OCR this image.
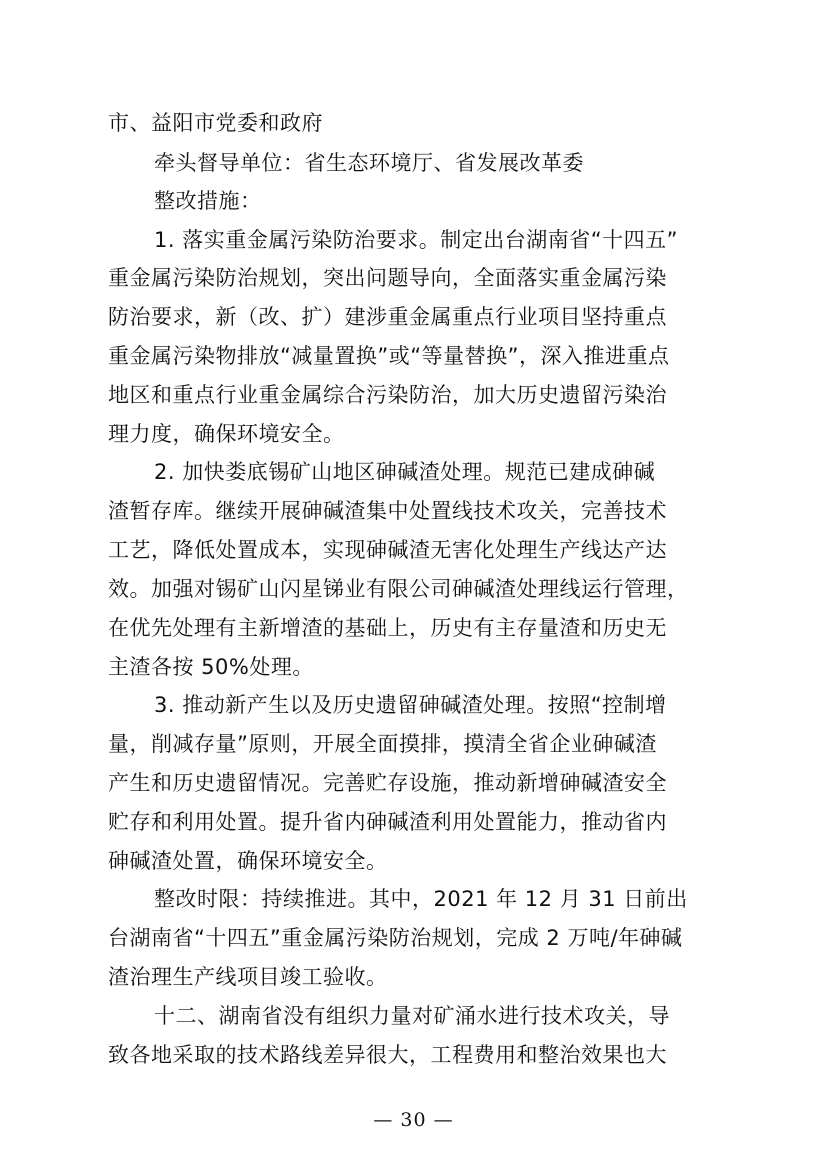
市、益阳市党委和政府
牵头督导单位：省生态环境厅、省发展改革委
整改措施：
1. 落实重金属污染防治要求。制定出台湖南省“十四五”
重金属污染防治规划，突出问题导向，全面落实重金属污染
防治要求，新（改、扩）建涉重金属重点行业项目坚持重点
重金属污染物排放“减量置换”或“等量替换”，深入推进重点
地区和重点行业重金属综合污染防治，加大历史遗留污染治
理力度，确保环境安全。
2. 加快娄底锡矿山地区砷碱渣处理。规范已建成砷碱
渣暂存库。继续开展砷碱渣集中处置线技术攻关，完善技术
工艺，降低处置成本，实现砷碱渣无害化处理生产线达产达
效。加强对锡矿山闪星锑业有限公司砷碱渣处理线运行管理，
在优先处理有主新增渣的基础上，历史有主存量渣和历史无
主渣各按 50%处理。
3. 推动新产生以及历史遗留砷碱渣处理。按照“控制增
量，削减存量”原则，开展全面摸排，摸清全省企业砷碱渣
产生和历史遗留情况。完善贮存设施，推动新增砷碱渣安全
贮存和利用处置。提升省内砷碱渣利用处置能力，推动省内
砷碱渣处置，确保环境安全。
整改时限：持续推进。其中，2021 年 12 月 31 日前出
台湖南省“十四五”重金属污染防治规划，完成 2 万吨/年砷碱
渣治理生产线项目竣工验收。
十二、湖南省没有组织力量对矿涌水进行技术攻关，导
致各地采取的技术路线差异很大，工程费用和整治效果也大
— 30 —
